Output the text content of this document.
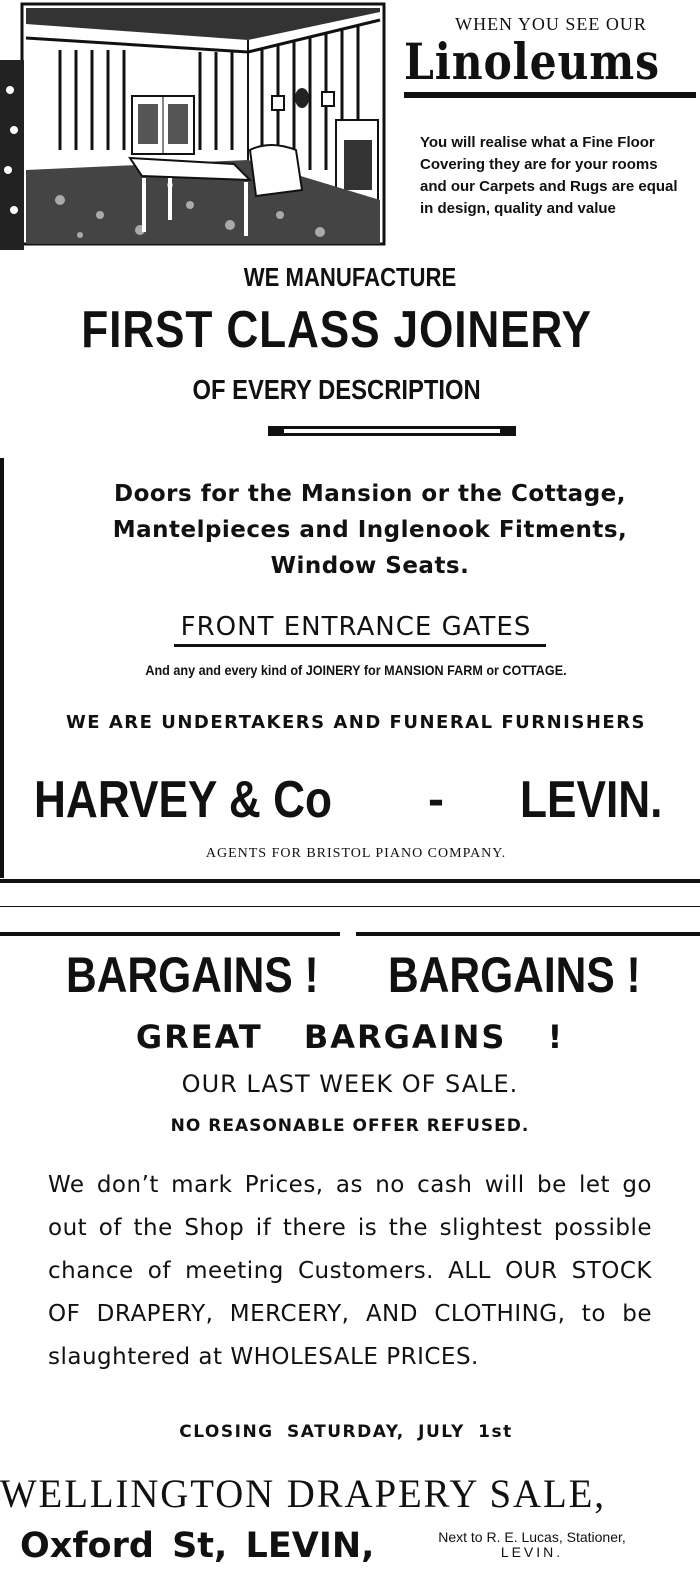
WHEN YOU SEE OUR
Linoleums
You will realise what a Fine Floor Covering they are for your rooms and our Carpets and Rugs are equal in design, quality and value
WE MANUFACTURE
FIRST CLASS JOINERY
OF EVERY DESCRIPTION
Doors for the Mansion or the Cottage,
Mantelpieces and Inglenook Fitments,
Window Seats.
FRONT ENTRANCE GATES
And any and every kind of JOINERY for MANSION FARM or COTTAGE.
WE ARE UNDERTAKERS AND FUNERAL FURNISHERS
HARVEY & Co	- LEVIN.
AGENTS FOR BRISTOL PIANO COMPANY.
BARGAINS ! BARGAINS !
GREAT BARGAINS !
OUR LAST WEEK OF SALE.
NO REASONABLE OFFER REFUSED.
We don’t mark Prices, as no cash will be let go out of the Shop if there is the slightest possible chance of meeting Customers. ALL OUR STOCK OF DRAPERY, MERCERY, AND CLOTHING, to be slaughtered at WHOLESALE PRICES.
CLOSING SATURDAY, JULY 1st
WELLINGTON DRAPERY SALE,
Oxford St, LEVIN,	Next to R. E. Lucas, Stationer,
LEVIN.
